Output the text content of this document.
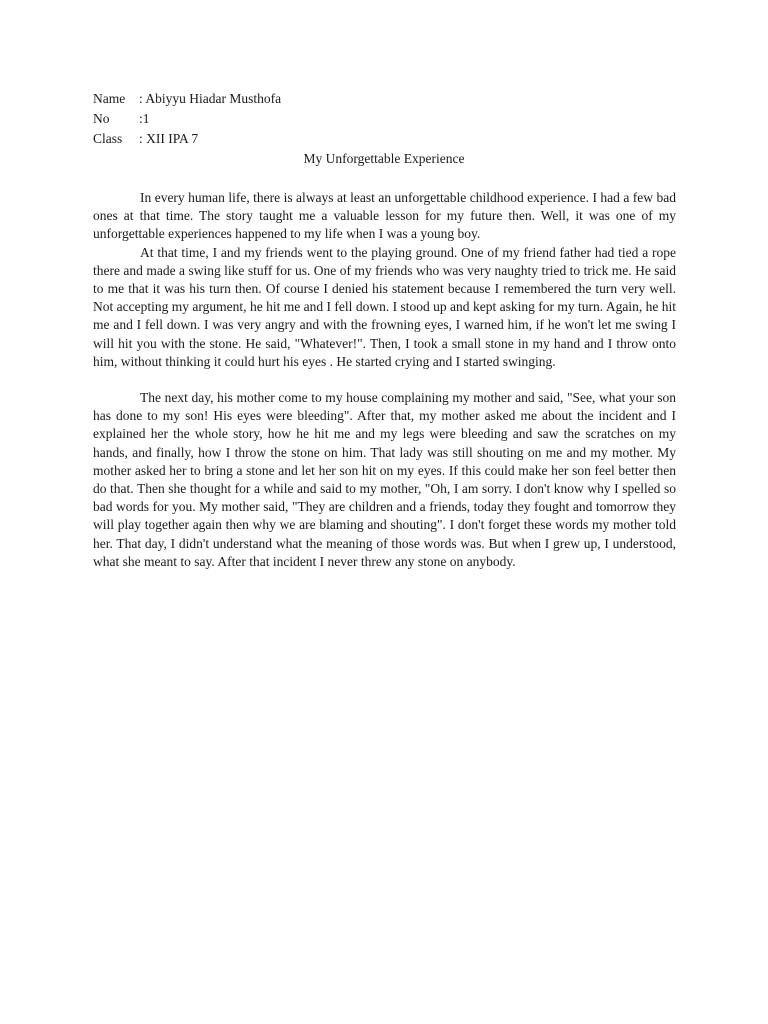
Name	: Abiyyu Hiadar Musthofa
No	:1
Class	: XII IPA 7
My Unforgettable Experience

In every human life, there is always at least an unforgettable childhood experience. I had a few bad ones at that time. The story taught me a valuable lesson for my future then. Well, it was one of my unforgettable experiences happened to my life when I was a young boy.

At that time, I and my friends went to the playing ground. One of my friend father had tied a rope there and made a swing like stuff for us. One of my friends who was very naughty tried to trick me. He said to me that it was his turn then. Of course I denied his statement because I remembered the turn very well. Not accepting my argument, he hit me and I fell down. I stood up and kept asking for my turn. Again, he hit me and I fell down. I was very angry and with the frowning eyes, I warned him, if he won't let me swing I will hit you with the stone. He said, "Whatever!". Then, I took a small stone in my hand and I throw onto him, without thinking it could hurt his eyes . He started crying and I started swinging.

The next day, his mother come to my house complaining my mother and said, "See, what your son has done to my son! His eyes were bleeding". After that, my mother asked me about the incident and I explained her the whole story, how he hit me and my legs were bleeding and saw the scratches on my hands, and finally, how I throw the stone on him. That lady was still shouting on me and my mother. My mother asked her to bring a stone and let her son hit on my eyes. If this could make her son feel better then do that. Then she thought for a while and said to my mother, "Oh, I am sorry. I don't know why I spelled so bad words for you. My mother said, "They are children and a friends, today they fought and tomorrow they will play together again then why we are blaming and shouting". I don't forget these words my mother told her. That day, I didn't understand what the meaning of those words was. But when I grew up, I understood, what she meant to say. After that incident I never threw any stone on anybody.
